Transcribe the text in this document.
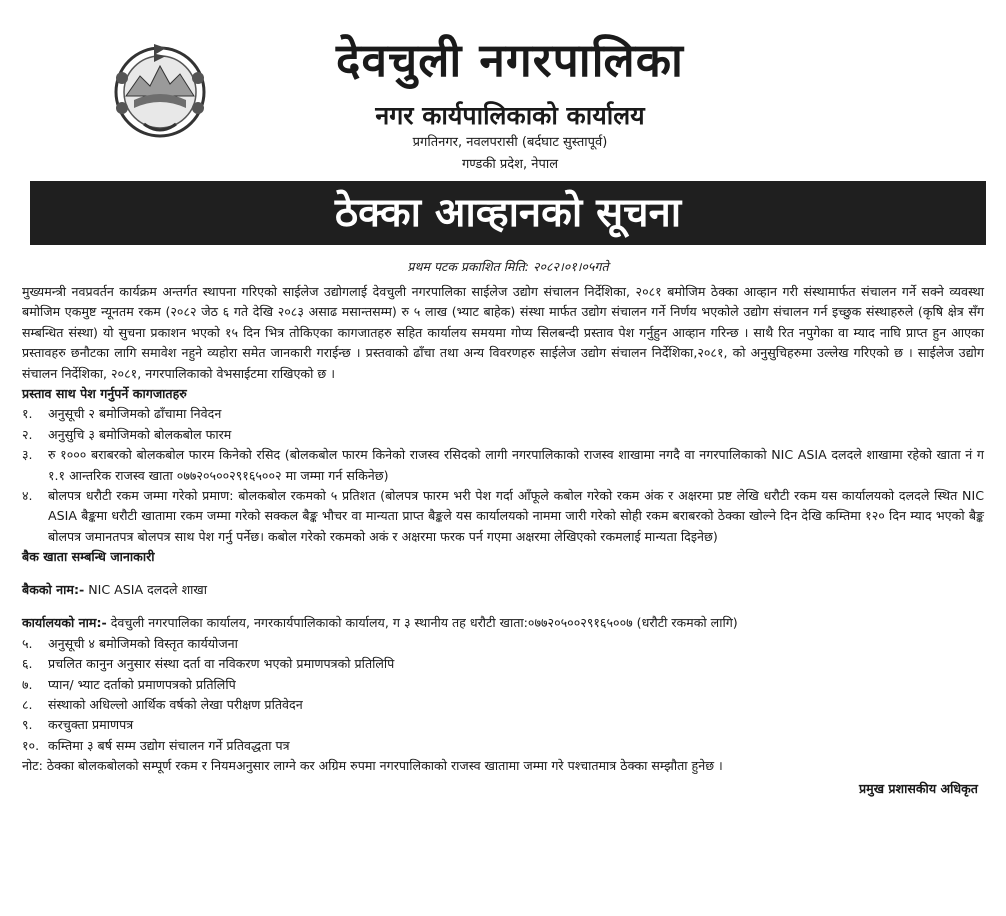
देवचुली नगरपालिका
नगर कार्यपालिकाको कार्यालय
प्रगतिनगर, नवलपरासी (बर्दघाट सुस्तापूर्व)
गण्डकी प्रदेश, नेपाल
ठेक्का आव्हानको सूचना
प्रथम पटक प्रकाशित मिति: २०८२।०१।०५गते

मुख्यमन्त्री नवप्रवर्तन कार्यक्रम अन्तर्गत स्थापना गरिएको साईलेज उद्योगलाई देवचुली नगरपालिका साईलेज उद्योग संचालन निर्देशिका, २०८१ बमोजिम ठेक्का आव्हान गरी संस्थामार्फत संचालन गर्ने सक्ने व्यवस्था बमोजिम एकमुष्ट न्यूनतम रकम (२०८२ जेठ ६ गते देखि २०८३ असाढ मसान्तसम्म) रु ५ लाख (भ्याट बाहेक) संस्था मार्फत उद्योग संचालन गर्ने निर्णय भएकोले उद्योग संचालन गर्न इच्छुक संस्थाहरुले (कृषि क्षेत्र सँग सम्बन्धित संस्था) यो सुचना प्रकाशन भएको १५ दिन भित्र तोकिएका कागजातहरु सहित कार्यालय समयमा गोप्य सिलबन्दी प्रस्ताव पेश गर्नुहुन आव्हान गरिन्छ । साथै रित नपुगेका वा म्याद नाघि प्राप्त हुन आएका प्रस्तावहरु छनौटका लागि समावेश नहुने व्यहोरा समेत जानकारी गराईन्छ । प्रस्तवाको ढाँचा तथा अन्य विवरणहरु साईलेज उद्योग संचालन निर्देशिका,२०८१, को अनुसुचिहरुमा उल्लेख गरिएको छ । साईलेज उद्योग संचालन निर्देशिका, २०८१, नगरपालिकाको वेभसाईटमा राखिएको छ ।

प्रस्ताव साथ पेश गर्नुपर्ने कागजातहरु

१.	अनुसूची २ बमोजिमको ढाँचामा निवेदन
२.	अनुसुचि ३ बमोजिमको बोलकबोल फारम
३.	रु १००० बराबरको बोलकबोल फारम किनेको रसिद (बोलकबोल फारम किनेको राजस्व रसिदको लागी नगरपालिकाको राजस्व शाखामा नगदै वा नगरपालिकाको NIC ASIA दलदले शाखामा रहेको खाता नं ग १.१ आन्तरिक राजस्व खाता ०७७२०५००२९१६५००२ मा जम्मा गर्न सकिनेछ)
४.	बोलपत्र धरौटी रकम जम्मा गरेको प्रमाण: बोलकबोल रकमको ५ प्रतिशत (बोलपत्र फारम भरी पेश गर्दा आँफूले कबोल गरेको रकम अंक र अक्षरमा प्रष्ट लेखि धरौटी रकम यस कार्यालयको दलदले स्थित NIC ASIA बैङ्कमा धरौटी खातामा रकम जम्मा गरेको सक्कल बैङ्क भौचर वा मान्यता प्राप्त बैङ्कले यस कार्यालयको नाममा जारी गरेको सोही रकम बराबरको ठेक्का खोल्ने दिन देखि कम्तिमा १२० दिन म्याद भएको बैङ्क बोलपत्र जमानतपत्र बोलपत्र साथ पेश गर्नु पर्नेछ। कबोल गरेको रकमको अकं र अक्षरमा फरक पर्न गएमा अक्षरमा लेखिएको रकमलाई मान्यता दिइनेछ)

बैक खाता सम्बन्धि जानाकारी

बैकको नाम:- NIC ASIA दलदले शाखा

कार्यालयको नाम:- देवचुली नगरपालिका कार्यालय, नगरकार्यपालिकाको कार्यालय, ग ३ स्थानीय तह धरौटी खाता:०७७२०५००२९१६५००७ (धरौटी रकमको लागि)

५.	अनुसूची ४ बमोजिमको विस्तृत कार्ययोजना
६.	प्रचलित कानुन अनुसार संस्था दर्ता वा नविकरण भएको प्रमाणपत्रको प्रतिलिपि
७.	प्यान/ भ्याट दर्ताको प्रमाणपत्रको प्रतिलिपि
८.	संस्थाको अधिल्लो आर्थिक वर्षको लेखा परीक्षण प्रतिवेदन
९.	करचुक्ता प्रमाणपत्र
१०. कम्तिमा ३ बर्ष सम्म उद्योग संचालन गर्ने प्रतिवद्धता पत्र

नोट: ठेक्का बोलकबोलको सम्पूर्ण रकम र नियमअनुसार लाग्ने कर अग्रिम रुपमा नगरपालिकाको राजस्व खातामा जम्मा गरे पश्चातमात्र ठेक्का सम्झौता हुनेछ ।

प्रमुख प्रशासकीय अधिकृत
